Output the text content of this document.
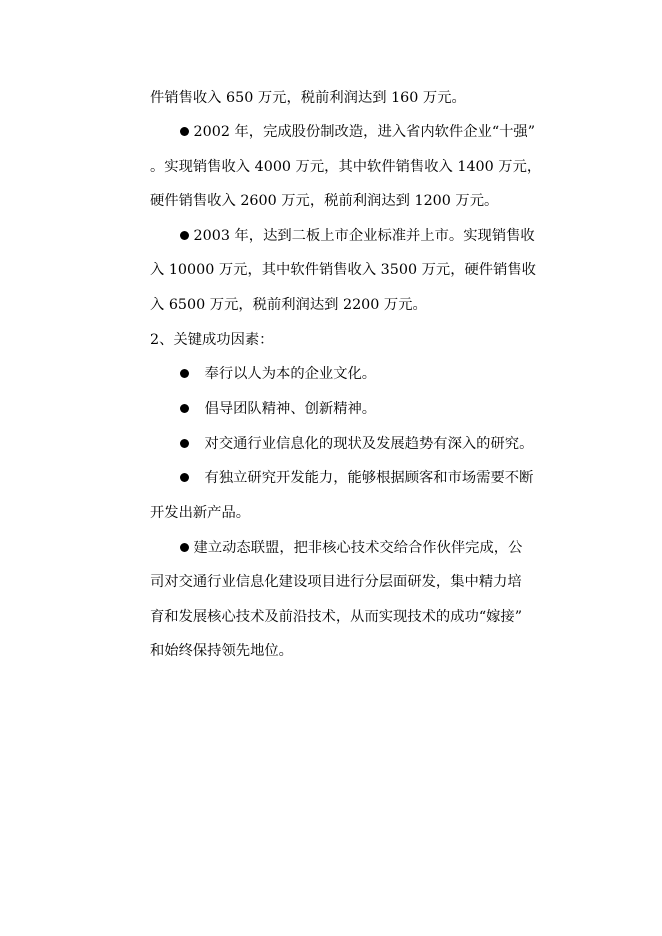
件销售收入 650 万元，税前利润达到 160 万元。
2002 年，完成股份制改造，进入省内软件企业“十强”
。实现销售收入 4000 万元，其中软件销售收入 1400 万元，
硬件销售收入 2600 万元，税前利润达到 1200 万元。
2003 年，达到二板上市企业标准并上市。实现销售收
入 10000 万元，其中软件销售收入 3500 万元，硬件销售收
入 6500 万元，税前利润达到 2200 万元。
2、关键成功因素：
奉行以人为本的企业文化。
倡导团队精神、创新精神。
对交通行业信息化的现状及发展趋势有深入的研究。
有独立研究开发能力，能够根据顾客和市场需要不断
开发出新产品。
建立动态联盟，把非核心技术交给合作伙伴完成，公
司对交通行业信息化建设项目进行分层面研发，集中精力培
育和发展核心技术及前沿技术，从而实现技术的成功“嫁接”
和始终保持领先地位。
